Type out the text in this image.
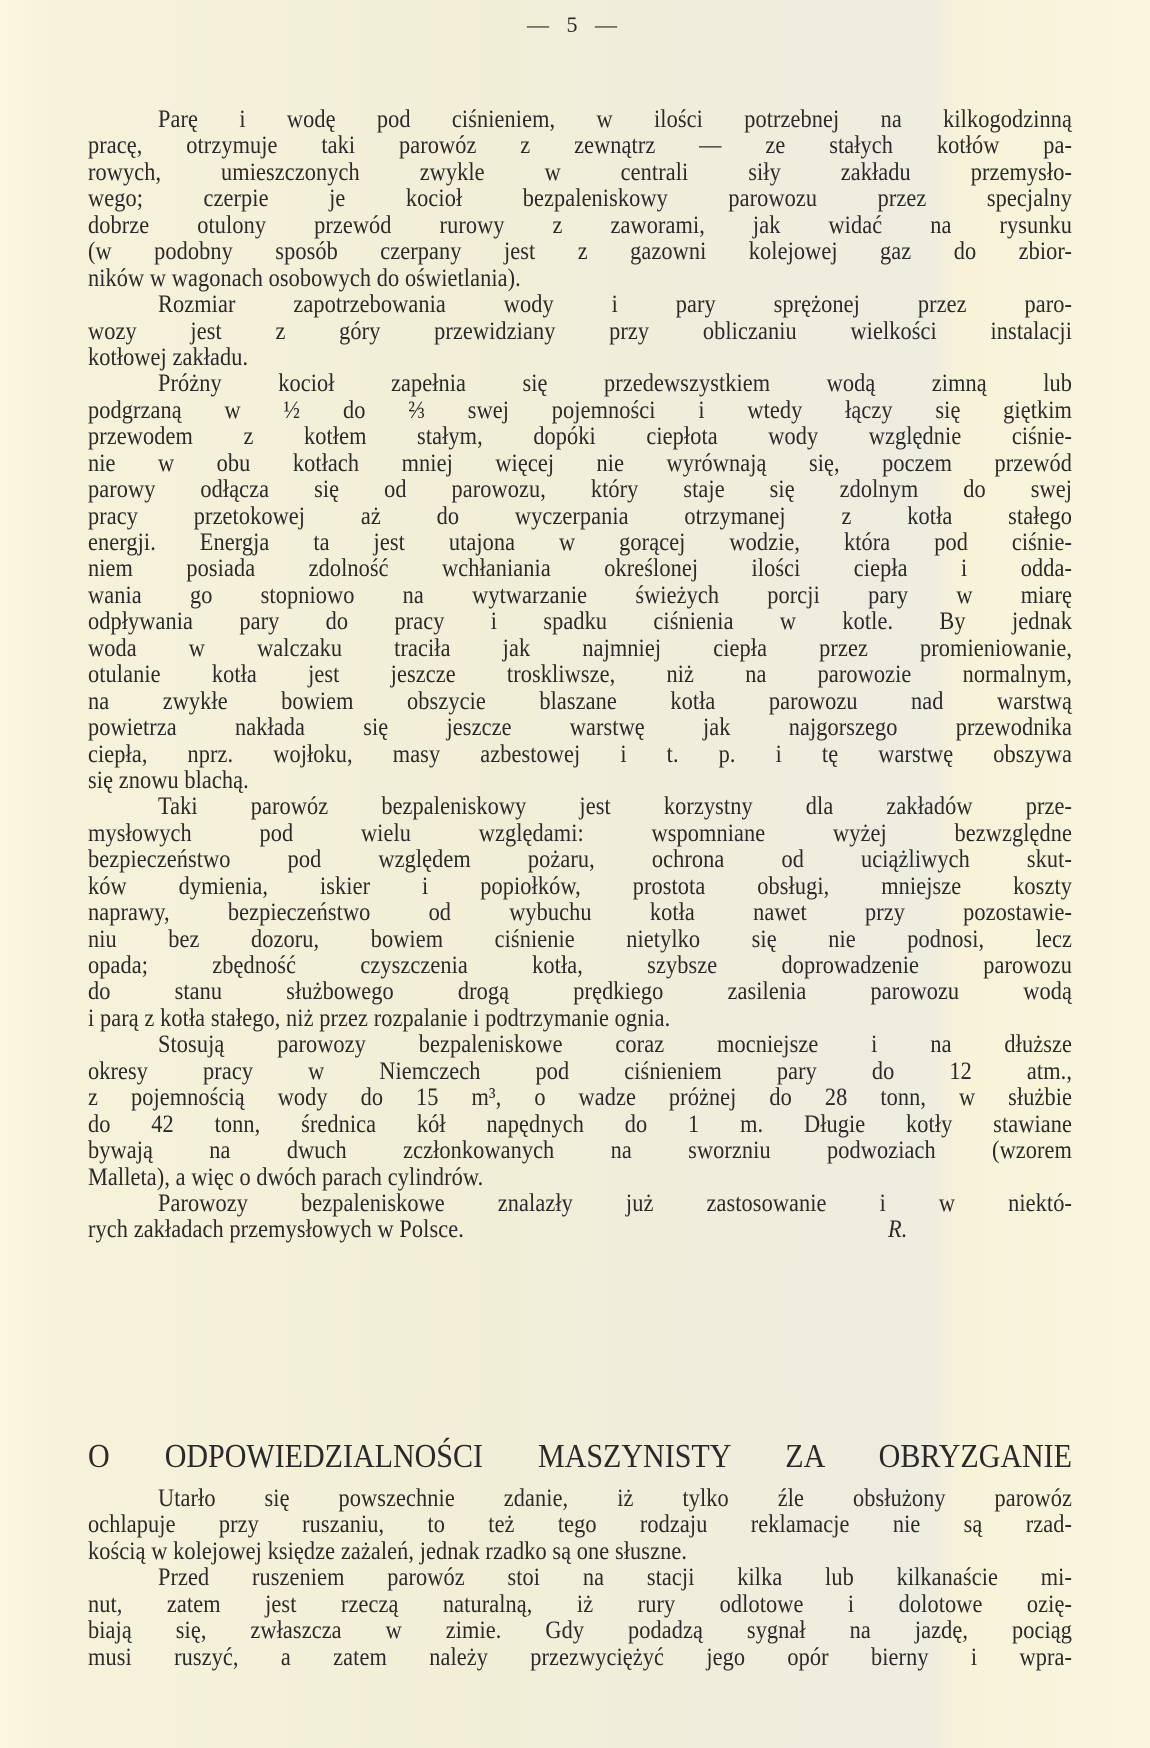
— 5 —
Parę i wodę pod ciśnieniem, w ilości potrzebnej na kilkogodzinną
pracę, otrzymuje taki parowóz z zewnątrz — ze stałych kotłów pa-
rowych, umieszczonych zwykle w centrali siły zakładu przemysło-
wego; czerpie je kocioł bezpaleniskowy parowozu przez specjalny
dobrze otulony przewód rurowy z zaworami, jak widać na rysunku
(w podobny sposób czerpany jest z gazowni kolejowej gaz do zbior-
ników w wagonach osobowych do oświetlania).
Rozmiar zapotrzebowania wody i pary sprężonej przez paro-
wozy jest z góry przewidziany przy obliczaniu wielkości instalacji
kotłowej zakładu.
Próżny kocioł zapełnia się przedewszystkiem wodą zimną lub
podgrzaną w ½ do ⅔ swej pojemności i wtedy łączy się giętkim
przewodem z kotłem stałym, dopóki ciepłota wody względnie ciśnie-
nie w obu kotłach mniej więcej nie wyrównają się, poczem przewód
parowy odłącza się od parowozu, który staje się zdolnym do swej
pracy przetokowej aż do wyczerpania otrzymanej z kotła stałego
energji. Energja ta jest utajona w gorącej wodzie, która pod ciśnie-
niem posiada zdolność wchłaniania określonej ilości ciepła i odda-
wania go stopniowo na wytwarzanie świeżych porcji pary w miarę
odpływania pary do pracy i spadku ciśnienia w kotle. By jednak
woda w walczaku traciła jak najmniej ciepła przez promieniowanie,
otulanie kotła jest jeszcze troskliwsze, niż na parowozie normalnym,
na zwykłe bowiem obszycie blaszane kotła parowozu nad warstwą
powietrza nakłada się jeszcze warstwę jak najgorszego przewodnika
ciepła, nprz. wojłoku, masy azbestowej i t. p. i tę warstwę obszywa
się znowu blachą.
Taki parowóz bezpaleniskowy jest korzystny dla zakładów prze-
mysłowych pod wielu względami: wspomniane wyżej bezwzględne
bezpieczeństwo pod względem pożaru, ochrona od uciążliwych skut-
ków dymienia, iskier i popiołków, prostota obsługi, mniejsze koszty
naprawy, bezpieczeństwo od wybuchu kotła nawet przy pozostawie-
niu bez dozoru, bowiem ciśnienie nietylko się nie podnosi, lecz
opada; zbędność czyszczenia kotła, szybsze doprowadzenie parowozu
do stanu służbowego drogą prędkiego zasilenia parowozu wodą
i parą z kotła stałego, niż przez rozpalanie i podtrzymanie ognia.
Stosują parowozy bezpaleniskowe coraz mocniejsze i na dłuższe
okresy pracy w Niemczech pod ciśnieniem pary do 12 atm.,
z pojemnością wody do 15 m³, o wadze próżnej do 28 tonn, w służbie
do 42 tonn, średnica kół napędnych do 1 m. Długie kotły stawiane
bywają na dwuch zczłonkowanych na sworzniu podwoziach (wzorem
Malleta), a więc o dwóch parach cylindrów.
Parowozy bezpaleniskowe znalazły już zastosowanie i w niektó-
rych zakładach przemysłowych w Polsce.	R.
O ODPOWIEDZIALNOŚCI MASZYNISTY ZA OBRYZGANIE
Utarło się powszechnie zdanie, iż tylko źle obsłużony parowóz
ochlapuje przy ruszaniu, to też tego rodzaju reklamacje nie są rzad-
kością w kolejowej księdze zażaleń, jednak rzadko są one słuszne.
Przed ruszeniem parowóz stoi na stacji kilka lub kilkanaście mi-
nut, zatem jest rzeczą naturalną, iż rury odlotowe i dolotowe ozię-
biają się, zwłaszcza w zimie. Gdy podadzą sygnał na jazdę, pociąg
musi ruszyć, a zatem należy przezwyciężyć jego opór bierny i wpra-
